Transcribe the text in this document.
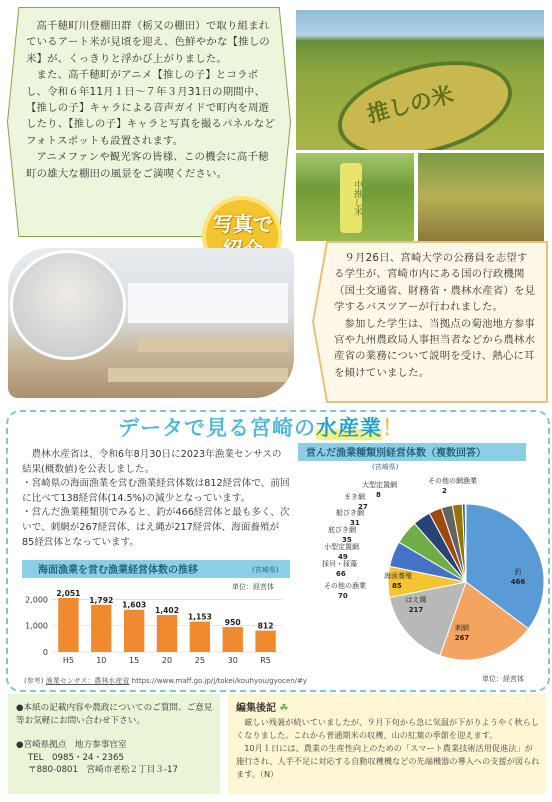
高千穂町川登棚田群（栃又の棚田）で取り組まれているアート米が見頃を迎え、色鮮やかな【推しの米】が、くっきりと浮かび上がりました。

また、高千穂町がアニメ【推しの子】とコラボし、令和６年11月１日～７年３月31日の期間中、【推しの子】キャラによる音声ガイドで町内を周遊したり、【推しの子】キャラと写真を撮るパネルなどフォトスポットも設置されます。

アニメファンや観光客の皆様、この機会に高千穂町の雄大な棚田の風景をご満喫ください。

推しの米
中推し米
写真で

９月26日、宮崎大学の公務員を志望する学生が、宮崎市内にある国の行政機関（国土交通省、財務省・農林水産省）を見学するバスツアーが行われました。

参加した学生は、当拠点の菊池地方参事官や九州農政局人事担当者などから農林水産省の業務について説明を受け、熱心に耳を傾けていました。

データで見る宮崎の水産業！

農林水産省は、令和6年8月30日に2023年漁業センサスの結果(概数値)を公表しました。

・宮崎県の海面漁業を営む漁業経営体数は812経営体で、前回に比べて138経営体(14.5%)の減少となっています。

・営んだ漁業種類別でみると、釣が466経営体と最も多く、次いで、刺網が267経営体、はえ縄が217経営体、海面養殖が85経営体となっています。

海面漁業を営む漁業経営体数の推移	(宮崎県)
単位：経営体
0
1,000
2,000
2,051
H5
1,792
10
1,603
15
1,402
20
1,153
25
950
30
812
R5
(参考) 漁業センサス：農林水産省 https://www.maff.go.jp/j/tokei/kouhyou/gyocen/#y
営んだ漁業種類別経営体数（複数回答）
(宮崎県)
単位：経営体
釣
466
刺網
267
はえ縄
217
海面養殖
85
その他の漁業
70
採貝・採藻
66
小型定置網
49
底びき網
35
船びき網
31
まき網
27
大型定置網
8
その他の網漁業
2
●本紙の記載内容や農政についてのご質問、ご意見等お気軽にお問い合わせ下さい。
●宮崎県拠点　地方参事官室
TEL　0985・24・2365
〒880-0801　宮崎市老松２丁目３-17
編集後記 ☘

厳しい残暑が続いていましたが、９月下旬から急に気温が下がりようやく秋らしくなりました。これから普通期米の収穫、山の紅葉の季節を迎えます。

10月１日には、農業の生産性向上のための「スマート農業技術活用促進法」が施行され、人手不足に対応する自動収穫機などの先端機器の導入への支援が図られます。（N）
